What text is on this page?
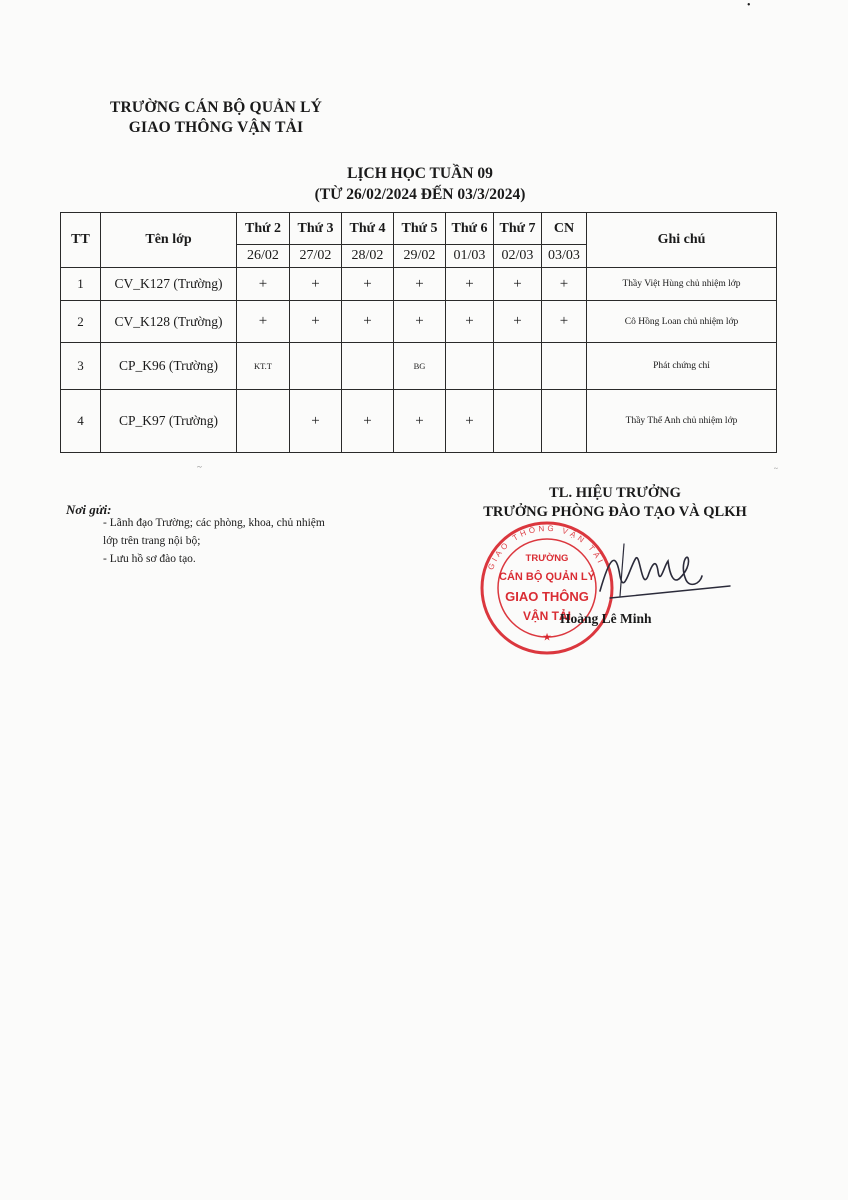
•
TRƯỜNG CÁN BỘ QUẢN LÝ
GIAO THÔNG VẬN TẢI
LỊCH HỌC TUẦN 09
(TỪ 26/02/2024 ĐẾN 03/3/2024)
TT	Tên lớp	Thứ 2	Thứ 3	Thứ 4	Thứ 5	Thứ 6	Thứ 7	CN	Ghi chú
		26/02	27/02	28/02	29/02	01/03	02/03	03/03	
1	CV_K127 (Trường)	+	+	+	+	+	+	+	Thầy Việt Hùng chủ nhiệm lớp
2	CV_K128 (Trường)	+	+	+	+	+	+	+	Cô Hồng Loan chủ nhiệm lớp
3	CP_K96 (Trường)	KT.T			BG				Phát chứng chỉ
4	CP_K97 (Trường)		+	+	+	+			Thầy Thế Anh chủ nhiệm lớp
~	~
Nơi gửi:
- Lãnh đạo Trường; các phòng, khoa, chủ nhiệm
lớp trên trang nội bộ;
- Lưu hồ sơ đào tạo.
TL. HIỆU TRƯỞNG
TRƯỞNG PHÒNG ĐÀO TẠO VÀ QLKH
GIAO THÔNG VẬN TẢI
TRƯỜNG
CÁN BỘ QUẢN LÝ
GIAO THÔNG
VẬN TẢI
★
Hoàng Lê Minh
